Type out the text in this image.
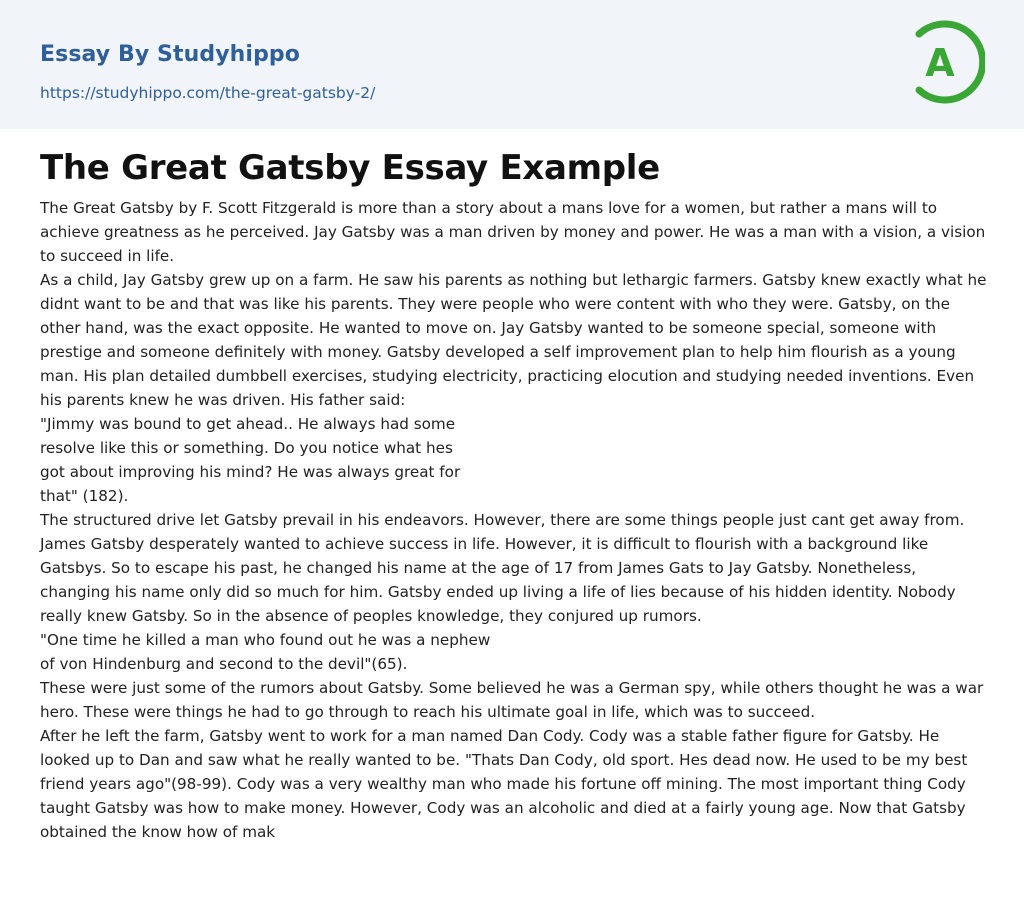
Essay By Studyhippo
https://studyhippo.com/the-great-gatsby-2/
A
The Great Gatsby Essay Example
The Great Gatsby by F. Scott Fitzgerald is more than a story about a mans love for a women, but rather a mans will to achieve greatness as he perceived. Jay Gatsby was a man driven by money and power. He was a man with a vision, a vision to succeed in life.
As a child, Jay Gatsby grew up on a farm. He saw his parents as nothing but lethargic farmers. Gatsby knew exactly what he didnt want to be and that was like his parents. They were people who were content with who they were. Gatsby, on the other hand, was the exact opposite. He wanted to move on. Jay Gatsby wanted to be someone special, someone with prestige and someone definitely with money. Gatsby developed a self improvement plan to help him flourish as a young man. His plan detailed dumbbell exercises, studying electricity, practicing elocution and studying needed inventions. Even his parents knew he was driven. His father said:
"Jimmy was bound to get ahead.. He always had some
resolve like this or something. Do you notice what hes
got about improving his mind? He was always great for
that" (182).
The structured drive let Gatsby prevail in his endeavors. However, there are some things people just cant get away from.
James Gatsby desperately wanted to achieve success in life. However, it is difficult to flourish with a background like Gatsbys. So to escape his past, he changed his name at the age of 17 from James Gats to Jay Gatsby. Nonetheless, changing his name only did so much for him. Gatsby ended up living a life of lies because of his hidden identity. Nobody really knew Gatsby. So in the absence of peoples knowledge, they conjured up rumors.
"One time he killed a man who found out he was a nephew
of von Hindenburg and second to the devil"(65).
These were just some of the rumors about Gatsby. Some believed he was a German spy, while others thought he was a war hero. These were things he had to go through to reach his ultimate goal in life, which was to succeed.
After he left the farm, Gatsby went to work for a man named Dan Cody. Cody was a stable father figure for Gatsby. He looked up to Dan and saw what he really wanted to be. "Thats Dan Cody, old sport. Hes dead now. He used to be my best friend years ago"(98-99). Cody was a very wealthy man who made his fortune off mining. The most important thing Cody taught Gatsby was how to make money. However, Cody was an alcoholic and died at a fairly young age. Now that Gatsby obtained the know how of mak
